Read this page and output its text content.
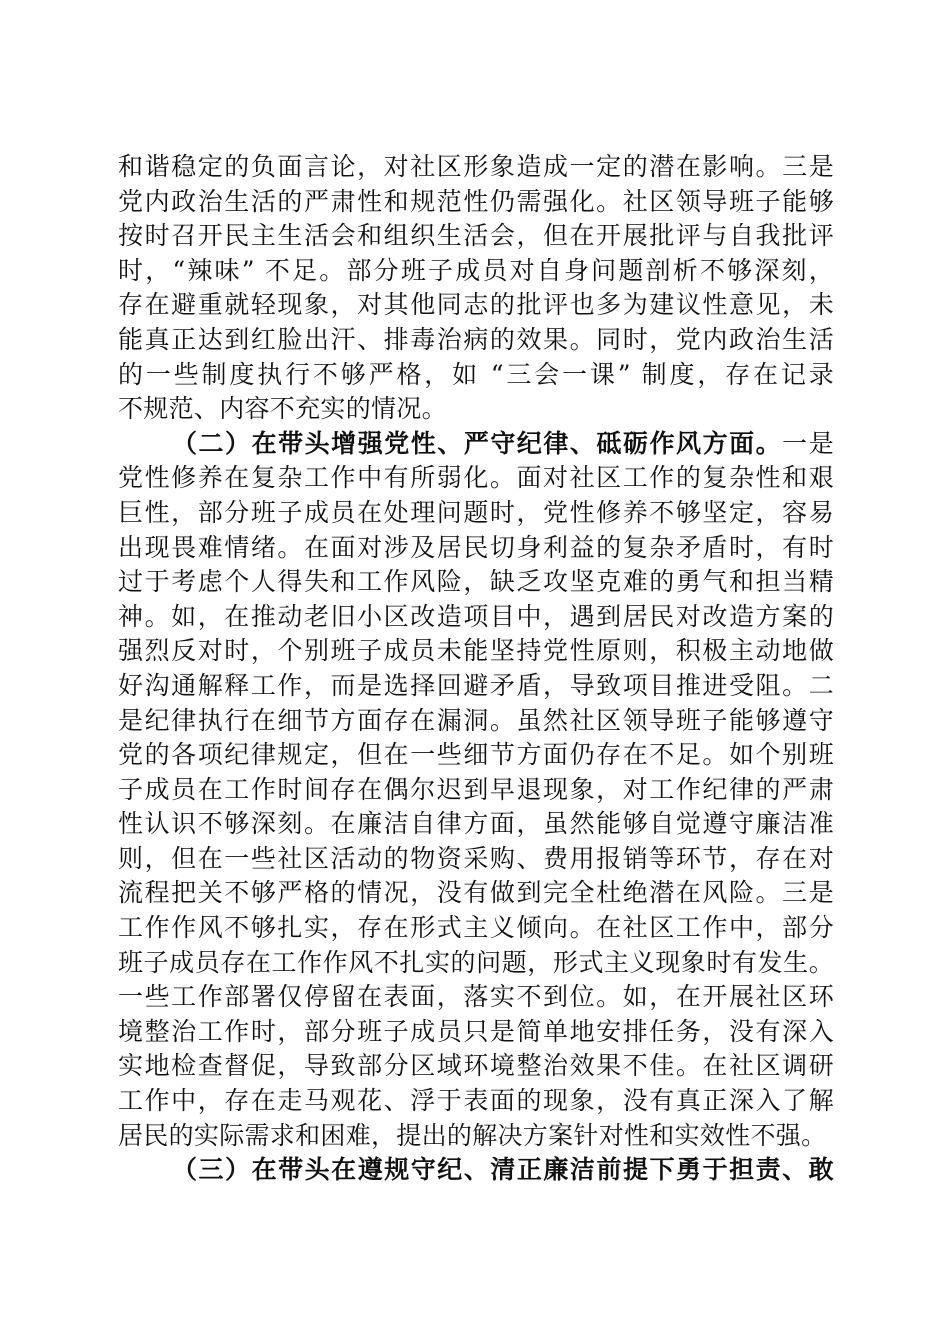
和谐稳定的负面言论，对社区形象造成一定的潜在影响。三是
党内政治生活的严肃性和规范性仍需强化。社区领导班子能够
按时召开民主生活会和组织生活会，但在开展批评与自我批评
时，“辣味” 不足。部分班子成员对自身问题剖析不够深刻，
存在避重就轻现象，对其他同志的批评也多为建议性意见，未
能真正达到红脸出汗、排毒治病的效果。同时，党内政治生活
的一些制度执行不够严格，如 “三会一课” 制度，存在记录
不规范、内容不充实的情况。
（二）在带头增强党性、严守纪律、砥砺作风方面。一是
党性修养在复杂工作中有所弱化。面对社区工作的复杂性和艰
巨性，部分班子成员在处理问题时，党性修养不够坚定，容易
出现畏难情绪。在面对涉及居民切身利益的复杂矛盾时，有时
过于考虑个人得失和工作风险，缺乏攻坚克难的勇气和担当精
神。如，在推动老旧小区改造项目中，遇到居民对改造方案的
强烈反对时，个别班子成员未能坚持党性原则，积极主动地做
好沟通解释工作，而是选择回避矛盾，导致项目推进受阻。二
是纪律执行在细节方面存在漏洞。虽然社区领导班子能够遵守
党的各项纪律规定，但在一些细节方面仍存在不足。如个别班
子成员在工作时间存在偶尔迟到早退现象，对工作纪律的严肃
性认识不够深刻。在廉洁自律方面，虽然能够自觉遵守廉洁准
则，但在一些社区活动的物资采购、费用报销等环节，存在对
流程把关不够严格的情况，没有做到完全杜绝潜在风险。三是
工作作风不够扎实，存在形式主义倾向。在社区工作中，部分
班子成员存在工作作风不扎实的问题，形式主义现象时有发生。
一些工作部署仅停留在表面，落实不到位。如，在开展社区环
境整治工作时，部分班子成员只是简单地安排任务，没有深入
实地检查督促，导致部分区域环境整治效果不佳。在社区调研
工作中，存在走马观花、浮于表面的现象，没有真正深入了解
居民的实际需求和困难，提出的解决方案针对性和实效性不强。
（三）在带头在遵规守纪、清正廉洁前提下勇于担责、敢
